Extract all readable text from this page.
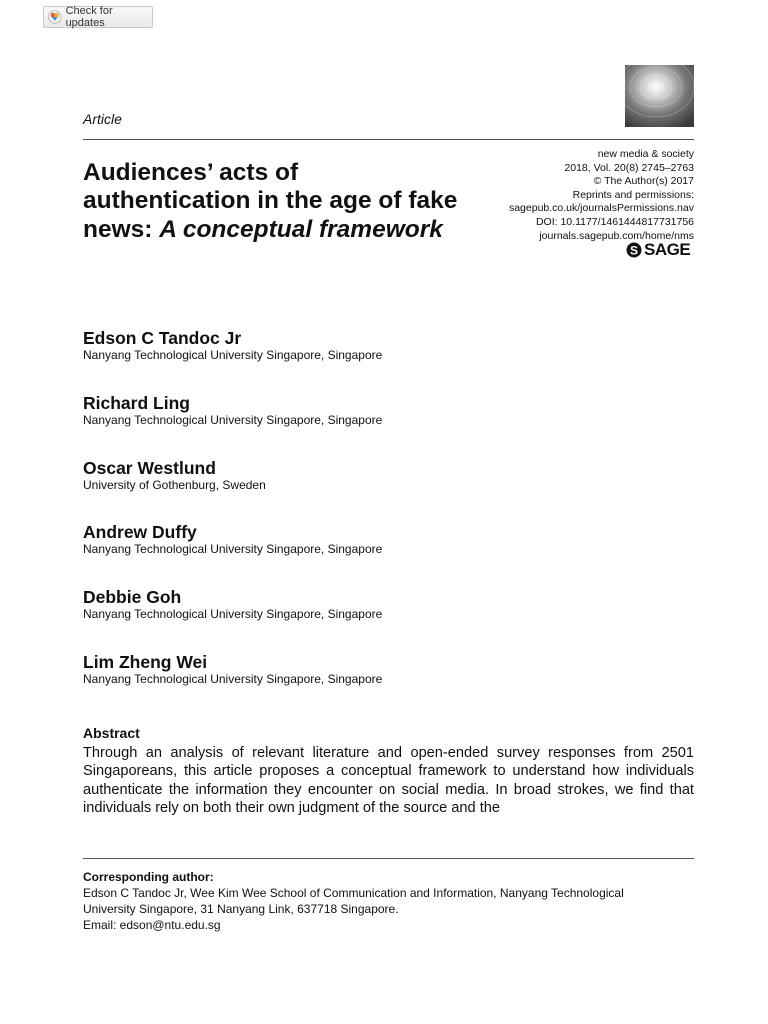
Check for updates
Article
Audiences’ acts of authentication in the age of fake news: A conceptual framework
new media & society
2018, Vol. 20(8) 2745–2763
© The Author(s) 2017
Reprints and permissions:
sagepub.co.uk/journalsPermissions.nav
DOI: 10.1177/1461444817731756
journals.sagepub.com/home/nms
S SAGE
Edson C Tandoc Jr
Nanyang Technological University Singapore, Singapore
Richard Ling
Nanyang Technological University Singapore, Singapore
Oscar Westlund
University of Gothenburg, Sweden
Andrew Duffy
Nanyang Technological University Singapore, Singapore
Debbie Goh
Nanyang Technological University Singapore, Singapore
Lim Zheng Wei
Nanyang Technological University Singapore, Singapore
Abstract

Through an analysis of relevant literature and open-ended survey responses from 2501 Singaporeans, this article proposes a conceptual framework to understand how individuals authenticate the information they encounter on social media. In broad strokes, we find that individuals rely on both their own judgment of the source and the

Corresponding author:
Edson C Tandoc Jr, Wee Kim Wee School of Communication and Information, Nanyang Technological
University Singapore, 31 Nanyang Link, 637718 Singapore.
Email: edson@ntu.edu.sg
